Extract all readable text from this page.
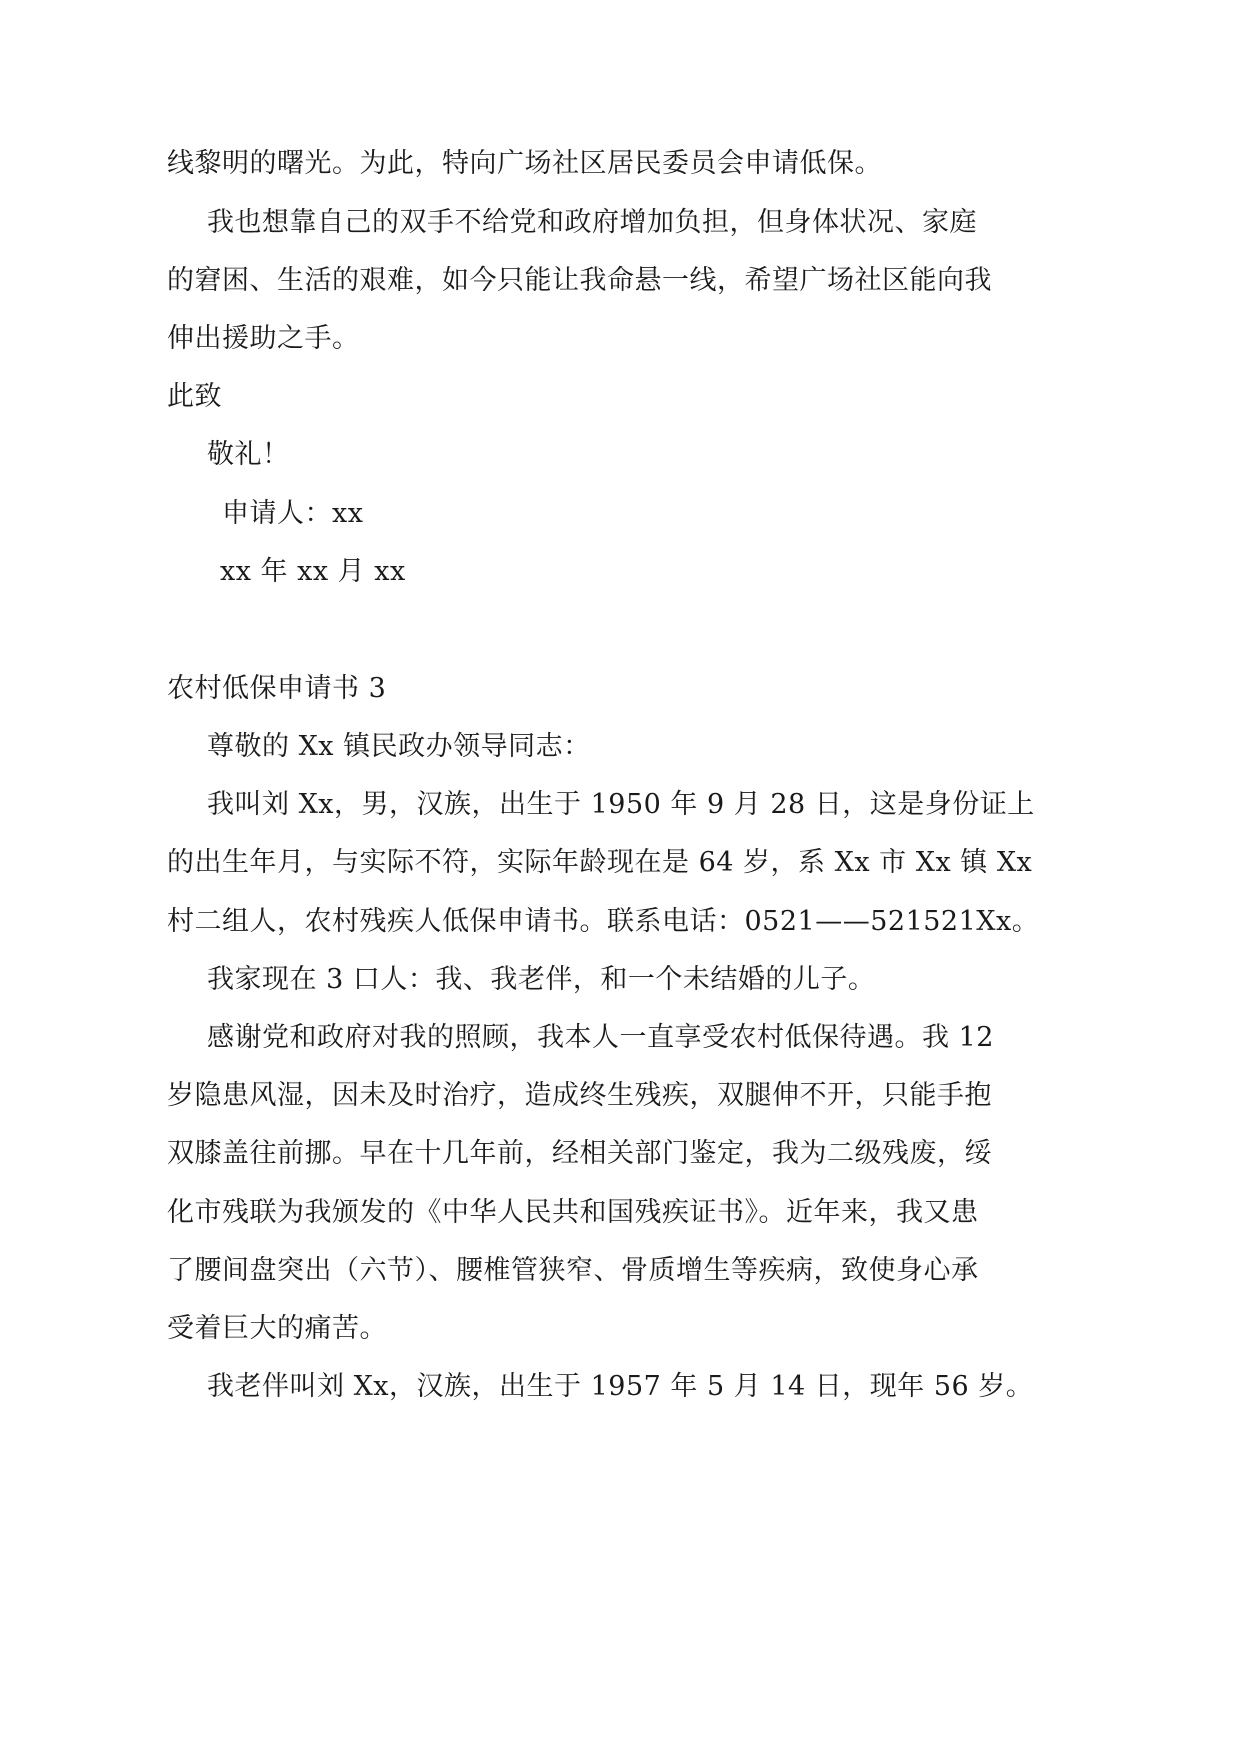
线黎明的曙光。为此，特向广场社区居民委员会申请低保。
我也想靠自己的双手不给党和政府增加负担，但身体状况、家庭
的窘困、生活的艰难，如今只能让我命悬一线，希望广场社区能向我
伸出援助之手。
此致
敬礼！
申请人：xx
xx 年 xx 月 xx
农村低保申请书 3
尊敬的 Xx 镇民政办领导同志：
我叫刘 Xx，男，汉族，出生于 1950 年 9 月 28 日，这是身份证上
的出生年月，与实际不符，实际年龄现在是 64 岁，系 Xx 市 Xx 镇 Xx
村二组人，农村残疾人低保申请书。联系电话：0521——521521Xx。
我家现在 3 口人：我、我老伴，和一个未结婚的儿子。
感谢党和政府对我的照顾，我本人一直享受农村低保待遇。我 12
岁隐患风湿，因未及时治疗，造成终生残疾，双腿伸不开，只能手抱
双膝盖往前挪。早在十几年前，经相关部门鉴定，我为二级残废，绥
化市残联为我颁发的《中华人民共和国残疾证书》。近年来，我又患
了腰间盘突出（六节）、腰椎管狭窄、骨质增生等疾病，致使身心承
受着巨大的痛苦。
我老伴叫刘 Xx，汉族，出生于 1957 年 5 月 14 日，现年 56 岁。
